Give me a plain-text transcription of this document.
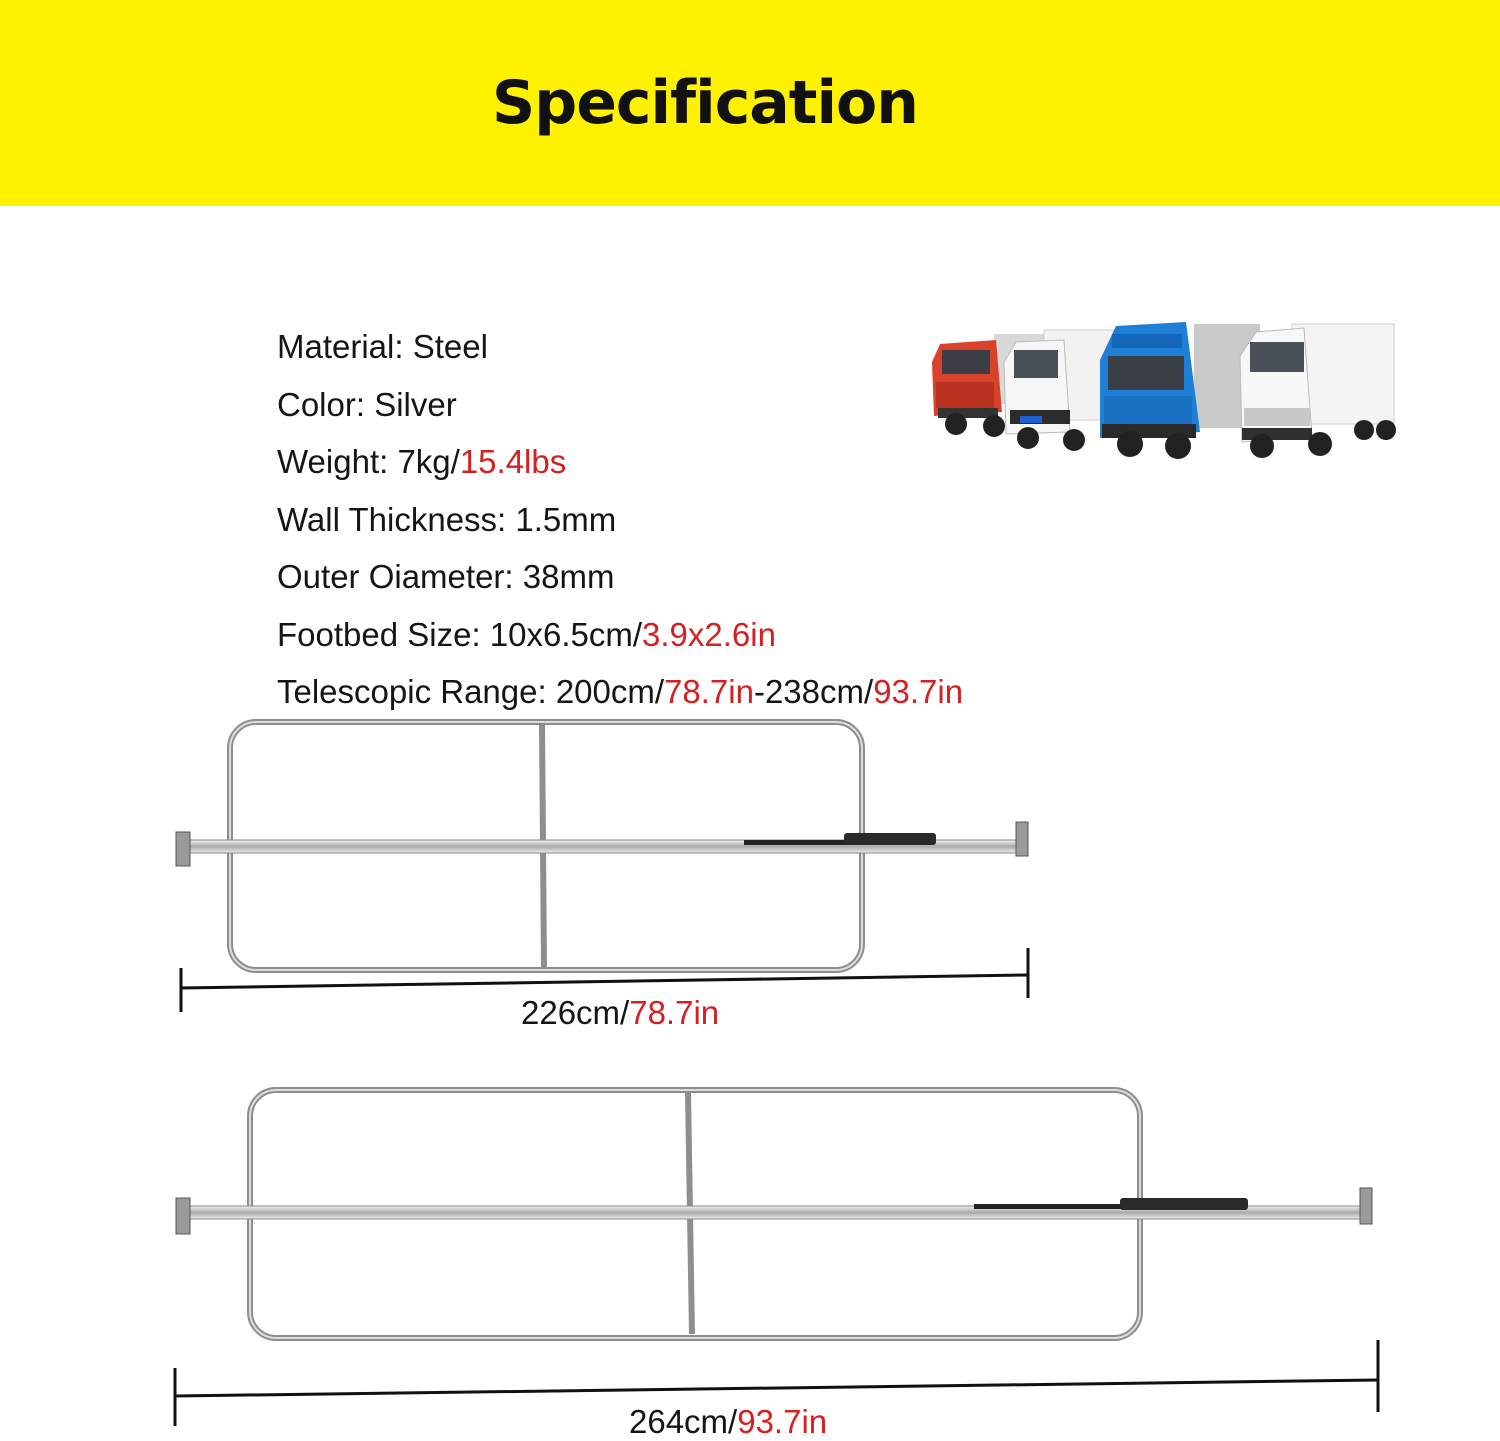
Specification
Material: Steel
Color: Silver
Weight: 7kg/15.4lbs
Wall Thickness: 1.5mm
Outer Oiameter: 38mm
Footbed Size: 10x6.5cm/3.9x2.6in
Telescopic Range: 200cm/78.7in-238cm/93.7in
226cm/78.7in
264cm/93.7in
